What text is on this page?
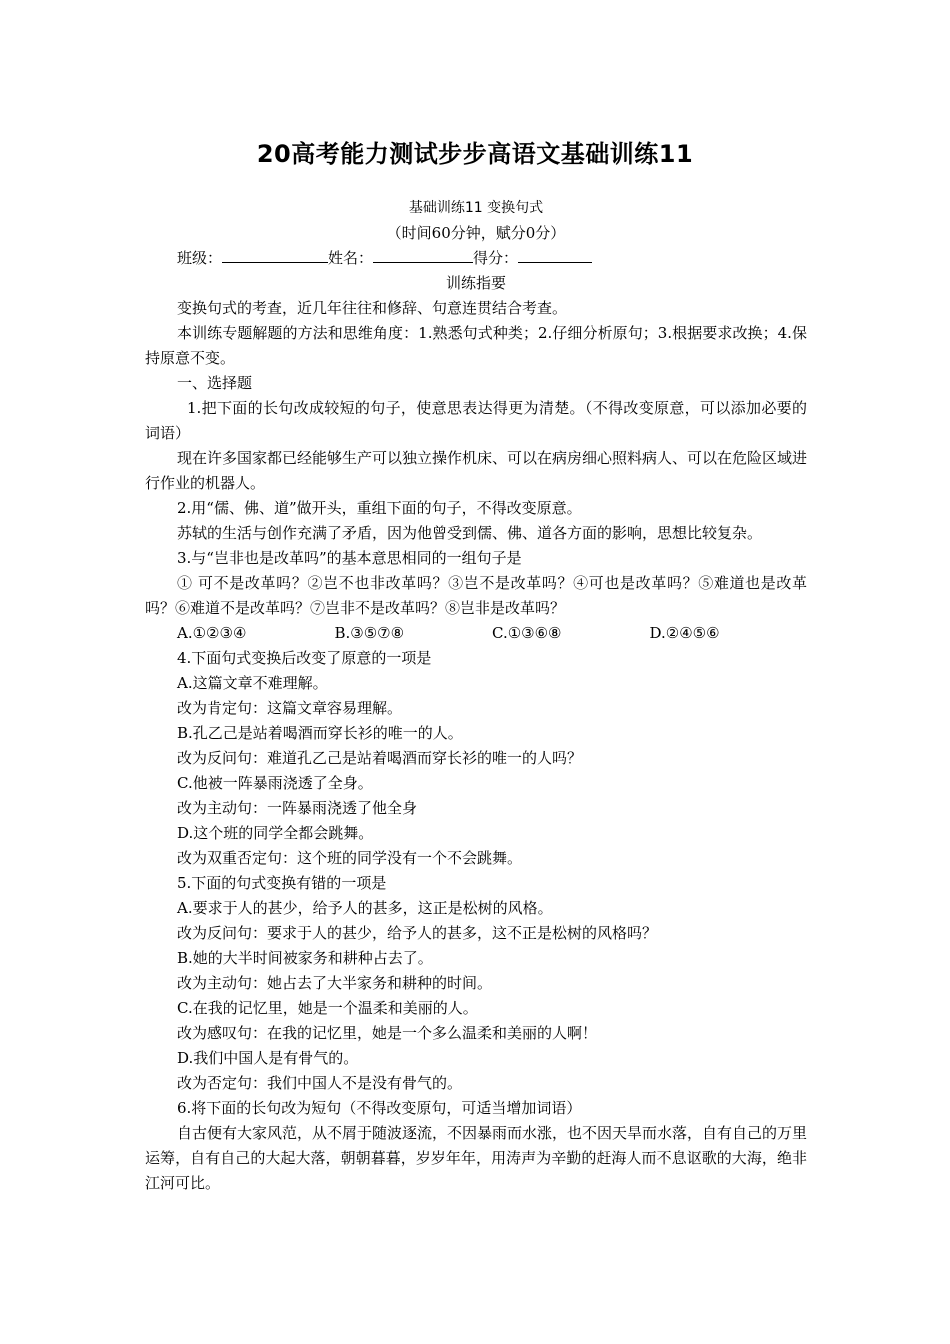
20高考能力测试步步高语文基础训练11
基础训练11 变换句式
（时间60分钟，赋分0分）
班级：	姓名：	得分：
训练指要
变换句式的考查，近几年往往和修辞、句意连贯结合考查。
本训练专题解题的方法和思维角度：1.熟悉句式种类；2.仔细分析原句；3.根据要求改换；4.保持原意不变。
一、选择题
1.把下面的长句改成较短的句子，使意思表达得更为清楚。（不得改变原意，可以添加必要的词语）
现在许多国家都已经能够生产可以独立操作机床、可以在病房细心照料病人、可以在危险区域进行作业的机器人。
2.用“儒、佛、道”做开头，重组下面的句子，不得改变原意。
苏轼的生活与创作充满了矛盾，因为他曾受到儒、佛、道各方面的影响，思想比较复杂。
3.与“岂非也是改革吗”的基本意思相同的一组句子是
① 可不是改革吗？②岂不也非改革吗？③岂不是改革吗？④可也是改革吗？⑤难道也是改革吗？⑥难道不是改革吗？⑦岂非不是改革吗？⑧岂非是改革吗？
A.①②③④	B.③⑤⑦⑧	C.①③⑥⑧	D.②④⑤⑥
4.下面句式变换后改变了原意的一项是
A.这篇文章不难理解。
改为肯定句：这篇文章容易理解。
B.孔乙己是站着喝酒而穿长衫的唯一的人。
改为反问句：难道孔乙己是站着喝酒而穿长衫的唯一的人吗？
C.他被一阵暴雨浇透了全身。
改为主动句：一阵暴雨浇透了他全身
D.这个班的同学全都会跳舞。
改为双重否定句：这个班的同学没有一个不会跳舞。
5.下面的句式变换有错的一项是
A.要求于人的甚少，给予人的甚多，这正是松树的风格。
改为反问句：要求于人的甚少，给予人的甚多，这不正是松树的风格吗？
B.她的大半时间被家务和耕种占去了。
改为主动句：她占去了大半家务和耕种的时间。
C.在我的记忆里，她是一个温柔和美丽的人。
改为感叹句：在我的记忆里，她是一个多么温柔和美丽的人啊！
D.我们中国人是有骨气的。
改为否定句：我们中国人不是没有骨气的。
6.将下面的长句改为短句（不得改变原句，可适当增加词语）
自古便有大家风范，从不屑于随波逐流，不因暴雨而水涨，也不因天旱而水落，自有自己的万里运筹，自有自己的大起大落，朝朝暮暮，岁岁年年，用涛声为辛勤的赶海人而不息讴歌的大海，绝非江河可比。
